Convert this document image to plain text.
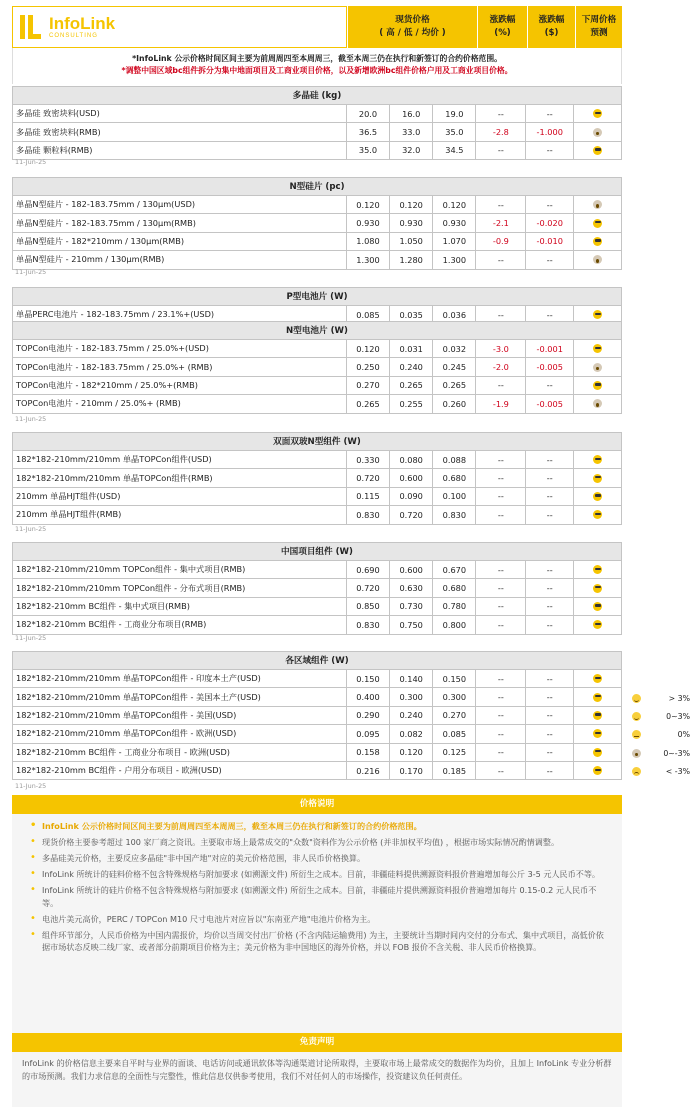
InfoLink
CONSULTING
现货价格
( 高 / 低 / 均价 )
涨跌幅
(%)
涨跌幅
($)
下周价格
预测
*InfoLink 公示价格时间区间主要为前周周四至本周周三，截至本周三仍在执行和新签订的合约价格范围。
*调整中国区域bc组件拆分为集中地面项目及工商业项目价格，以及新增欧洲bc组件价格户用及工商业项目价格。
多晶硅 (kg)
多晶硅 致密块料(USD)	20.0	16.0	19.0	--	--
多晶硅 致密块料(RMB)	36.5	33.0	35.0	-2.8	-1.000
多晶硅 颗粒料(RMB)	35.0	32.0	34.5	--	--
11-Jun-25
N型硅片 (pc)
单晶N型硅片 - 182-183.75mm / 130μm(USD)	0.120	0.120	0.120	--	--
单晶N型硅片 - 182-183.75mm / 130μm(RMB)	0.930	0.930	0.930	-2.1	-0.020
单晶N型硅片 - 182*210mm / 130μm(RMB)	1.080	1.050	1.070	-0.9	-0.010
单晶N型硅片 - 210mm / 130μm(RMB)	1.300	1.280	1.300	--	--
11-Jun-25
P型电池片 (W)
单晶PERC电池片 - 182-183.75mm / 23.1%+(USD)	0.085	0.035	0.036	--	--
N型电池片 (W)
TOPCon电池片 - 182-183.75mm / 25.0%+(USD)	0.120	0.031	0.032	-3.0	-0.001
TOPCon电池片 - 182-183.75mm / 25.0%+ (RMB)	0.250	0.240	0.245	-2.0	-0.005
TOPCon电池片 - 182*210mm / 25.0%+(RMB)	0.270	0.265	0.265	--	--
TOPCon电池片 - 210mm / 25.0%+ (RMB)	0.265	0.255	0.260	-1.9	-0.005
11-Jun-25
双面双玻N型组件 (W)
182*182-210mm/210mm 单晶TOPCon组件(USD)	0.330	0.080	0.088	--	--
182*182-210mm/210mm 单晶TOPCon组件(RMB)	0.720	0.600	0.680	--	--
210mm 单晶HJT组件(USD)	0.115	0.090	0.100	--	--
210mm 单晶HJT组件(RMB)	0.830	0.720	0.830	--	--
11-Jun-25
中国项目组件 (W)
182*182-210mm/210mm TOPCon组件 - 集中式项目(RMB)	0.690	0.600	0.670	--	--
182*182-210mm/210mm TOPCon组件 - 分布式项目(RMB)	0.720	0.630	0.680	--	--
182*182-210mm BC组件 - 集中式项目(RMB)	0.850	0.730	0.780	--	--
182*182-210mm BC组件 - 工商业分布项目(RMB)	0.830	0.750	0.800	--	--
11-Jun-25
各区域组件 (W)
182*182-210mm/210mm 单晶TOPCon组件 - 印度本土产(USD)	0.150	0.140	0.150	--	--
182*182-210mm/210mm 单晶TOPCon组件 - 美国本土产(USD)	0.400	0.300	0.300	--	--
182*182-210mm/210mm 单晶TOPCon组件 - 美国(USD)	0.290	0.240	0.270	--	--
182*182-210mm/210mm 单晶TOPCon组件 - 欧洲(USD)	0.095	0.082	0.085	--	--
182*182-210mm BC组件 - 工商业分布项目 - 欧洲(USD)	0.158	0.120	0.125	--	--
182*182-210mm BC组件 - 户用分布项目 - 欧洲(USD)	0.216	0.170	0.185	--	--
11-Jun-25
> 3%
0~3%
0%
0~-3%
< -3%
价格说明
• InfoLink 公示价格时间区间主要为前周周四至本周周三，截至本周三仍在执行和新签订的合约价格范围。
• 现货价格主要参考超过 100 家厂商之资讯。主要取市场上最常成交的"众数"资料作为公示价格 (并非加权平均值) ，根据市场实际情况酌情调整。
• 多晶硅美元价格，主要反应多晶硅"非中国产地"对应的美元价格范围，非人民币价格换算。
• InfoLink 所统计的硅料价格不包含特殊规格与附加要求 (如溯源文件) 所衍生之成本。目前，非疆硅料提供溯源资料报价普遍增加每公斤 3-5 元人民币不等。
• InfoLink 所统计的硅片价格不包含特殊规格与附加要求 (如溯源文件) 所衍生之成本。目前，非疆硅片提供溯源资料报价普遍增加每片 0.15-0.2 元人民币不等。
• 电池片美元高价，PERC / TOPCon M10 尺寸电池片对应旨以"东南亚产地"电池片价格为主。
• 组件环节部分，人民币价格为中国内需报价，均价以当周交付出厂价格 (不含内陆运输费用) 为主，主要统计当期时间内交付的分布式、集中式项目，高低价依据市场状态反映二线厂家、或者部分前期项目价格为主；美元价格为非中国地区的海外价格，并以 FOB 报价不含关税、非人民币价格换算。
免责声明

InfoLink 的价格信息主要来自平时与业界的面谈、电话访问或通讯软体等沟通渠道讨论所取得，主要取市场上最常成交的数据作为均价，且加上 InfoLink 专业分析群的市场预测。我们力求信息的全面性与完整性，惟此信息仅供参考使用，我们不对任何人的市场操作，投资建议负任何责任。
